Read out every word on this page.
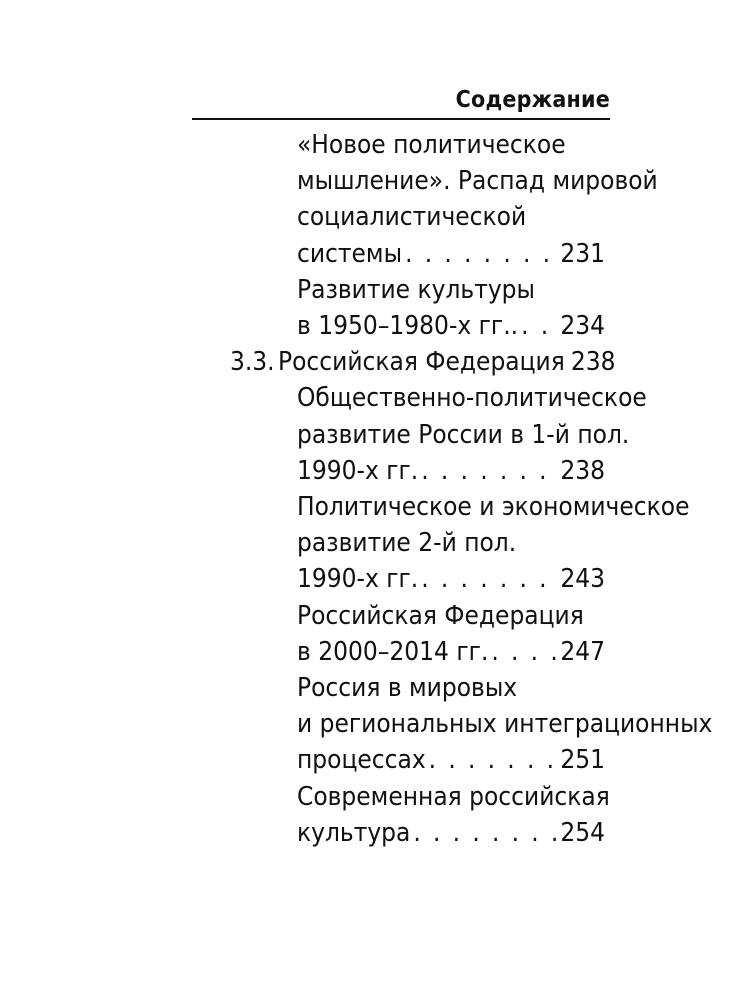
Содержание
«Новое политическое
мышление». Распад мировой
социалистической
системы . . .	231
Развитие культуры
в 1950–1980-х гг.. . . . 234
3.3. Российская Федерация 238
Общественно-политическое
развитие России в 1-й пол.
1990-х гг. . . .	238
Политическое и экономическое
развитие 2-й пол.
1990-х гг. . . .	243
Российская Федерация
в 2000–2014 гг. . . .	247
Россия в мировых
и региональных интеграционных
процессах . . .	251
Современная российская
культура . . .	254
